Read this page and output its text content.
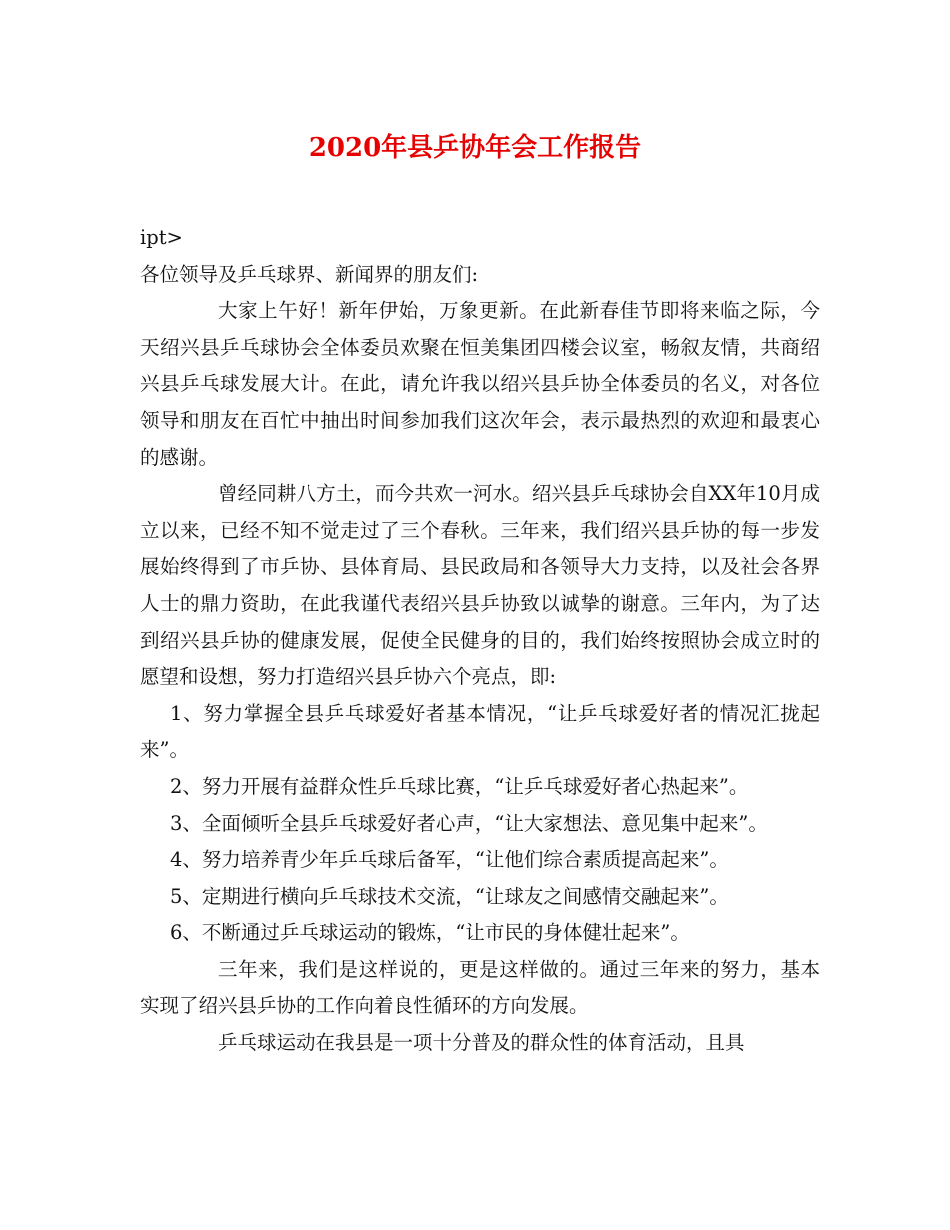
2020年县乒协年会工作报告

ipt>

各位领导及乒乓球界、新闻界的朋友们:

大家上午好！新年伊始，万象更新。在此新春佳节即将来临之际，今天绍兴县乒乓球协会全体委员欢聚在恒美集团四楼会议室，畅叙友情，共商绍兴县乒乓球发展大计。在此，请允许我以绍兴县乒协全体委员的名义，对各位领导和朋友在百忙中抽出时间参加我们这次年会，表示最热烈的欢迎和最衷心的感谢。

曾经同耕八方土，而今共欢一河水。绍兴县乒乓球协会自XX年10月成立以来，已经不知不觉走过了三个春秋。三年来，我们绍兴县乒协的每一步发展始终得到了市乒协、县体育局、县民政局和各领导大力支持，以及社会各界人士的鼎力资助，在此我谨代表绍兴县乒协致以诚挚的谢意。三年内，为了达到绍兴县乒协的健康发展，促使全民健身的目的，我们始终按照协会成立时的愿望和设想，努力打造绍兴县乒协六个亮点，即:

1、努力掌握全县乒乓球爱好者基本情况，“让乒乓球爱好者的情况汇拢起来”。

2、努力开展有益群众性乒乓球比赛，“让乒乓球爱好者心热起来”。

3、全面倾听全县乒乓球爱好者心声，“让大家想法、意见集中起来”。

4、努力培养青少年乒乓球后备军，“让他们综合素质提高起来”。

5、定期进行横向乒乓球技术交流，“让球友之间感情交融起来”。

6、不断通过乒乓球运动的锻炼，“让市民的身体健壮起来”。

三年来，我们是这样说的，更是这样做的。通过三年来的努力，基本实现了绍兴县乒协的工作向着良性循环的方向发展。

乒乓球运动在我县是一项十分普及的群众性的体育活动，且具
